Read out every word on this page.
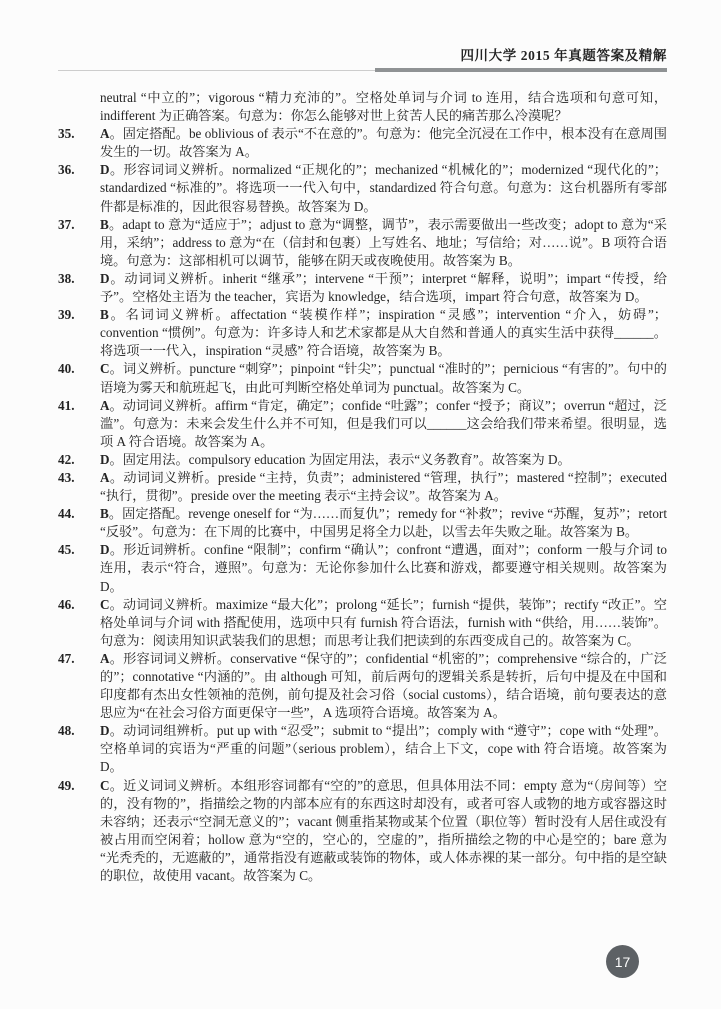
四川大学 2015 年真题答案及精解

neutral “中立的”；vigorous “精力充沛的”。空格处单词与介词 to 连用，结合选项和句意可知，indifferent 为正确答案。句意为：你怎么能够对世上贫苦人民的痛苦那么冷漠呢？

35.	A。固定搭配。be oblivious of 表示“不在意的”。句意为：他完全沉浸在工作中，根本没有在意周围发生的一切。故答案为 A。
36.	D。形容词词义辨析。normalized “正规化的”；mechanized “机械化的”；modernized “现代化的”；standardized “标准的”。将选项一一代入句中，standardized 符合句意。句意为：这台机器所有零部件都是标准的，因此很容易替换。故答案为 D。
37.	B。adapt to 意为“适应于”；adjust to 意为“调整，调节”，表示需要做出一些改变；adopt to 意为“采用，采纳”；address to 意为“在（信封和包裹）上写姓名、地址；写信给；对……说”。B 项符合语境。句意为：这部相机可以调节，能够在阴天或夜晚使用。故答案为 B。
38.	D。动词词义辨析。inherit “继承”；intervene “干预”；interpret “解释，说明”；impart “传授，给予”。空格处主语为 the teacher，宾语为 knowledge，结合选项，impart 符合句意，故答案为 D。
39.	B。名词词义辨析。affectation “装模作样”；inspiration “灵感”；intervention “介入，妨碍”；convention “惯例”。句意为：许多诗人和艺术家都是从大自然和普通人的真实生活中获得______。将选项一一代入，inspiration “灵感” 符合语境，故答案为 B。
40.	C。词义辨析。puncture “刺穿”；pinpoint “针尖”；punctual “准时的”；pernicious “有害的”。句中的语境为雾天和航班起飞，由此可判断空格处单词为 punctual。故答案为 C。
41.	A。动词词义辨析。affirm “肯定，确定”；confide “吐露”；confer “授予；商议”；overrun “超过，泛滥”。句意为：未来会发生什么并不可知，但是我们可以______这会给我们带来希望。很明显，选项 A 符合语境。故答案为 A。
42.	D。固定用法。compulsory education 为固定用法，表示“义务教育”。故答案为 D。
43.	A。动词词义辨析。preside “主持，负责”；administered “管理，执行”；mastered “控制”；executed “执行，贯彻”。preside over the meeting 表示“主持会议”。故答案为 A。
44.	B。固定搭配。revenge oneself for “为……而复仇”；remedy for “补救”；revive “苏醒，复苏”；retort “反驳”。句意为：在下周的比赛中，中国男足将全力以赴，以雪去年失败之耻。故答案为 B。
45.	D。形近词辨析。confine “限制”；confirm “确认”；confront “遭遇，面对”；conform 一般与介词 to 连用，表示“符合，遵照”。句意为：无论你参加什么比赛和游戏，都要遵守相关规则。故答案为 D。
46.	C。动词词义辨析。maximize “最大化”；prolong “延长”；furnish “提供，装饰”；rectify “改正”。空格处单词与介词 with 搭配使用，选项中只有 furnish 符合语法，furnish with “供给，用……装饰”。句意为：阅读用知识武装我们的思想；而思考让我们把读到的东西变成自己的。故答案为 C。
47.	A。形容词词义辨析。conservative “保守的”；confidential “机密的”；comprehensive “综合的，广泛的”；connotative “内涵的”。由 although 可知，前后两句的逻辑关系是转折，后句中提及在中国和印度都有杰出女性领袖的范例，前句提及社会习俗（social customs），结合语境，前句要表达的意思应为“在社会习俗方面更保守一些”，A 选项符合语境。故答案为 A。
48.	D。动词词组辨析。put up with “忍受”；submit to “提出”；comply with “遵守”；cope with “处理”。空格单词的宾语为“严重的问题”（serious problem），结合上下文，cope with 符合语境。故答案为 D。
49.	C。近义词词义辨析。本组形容词都有“空的”的意思，但具体用法不同：empty 意为“（房间等）空的，没有物的”，指描绘之物的内部本应有的东西这时却没有，或者可容人或物的地方或容器这时未容纳；还表示“空洞无意义的”；vacant 侧重指某物或某个位置（职位等）暂时没有人居住或没有被占用而空闲着；hollow 意为“空的，空心的，空虚的”，指所描绘之物的中心是空的；bare 意为“光秃秃的，无遮蔽的”，通常指没有遮蔽或装饰的物体，或人体赤裸的某一部分。句中指的是空缺的职位，故使用 vacant。故答案为 C。
17
